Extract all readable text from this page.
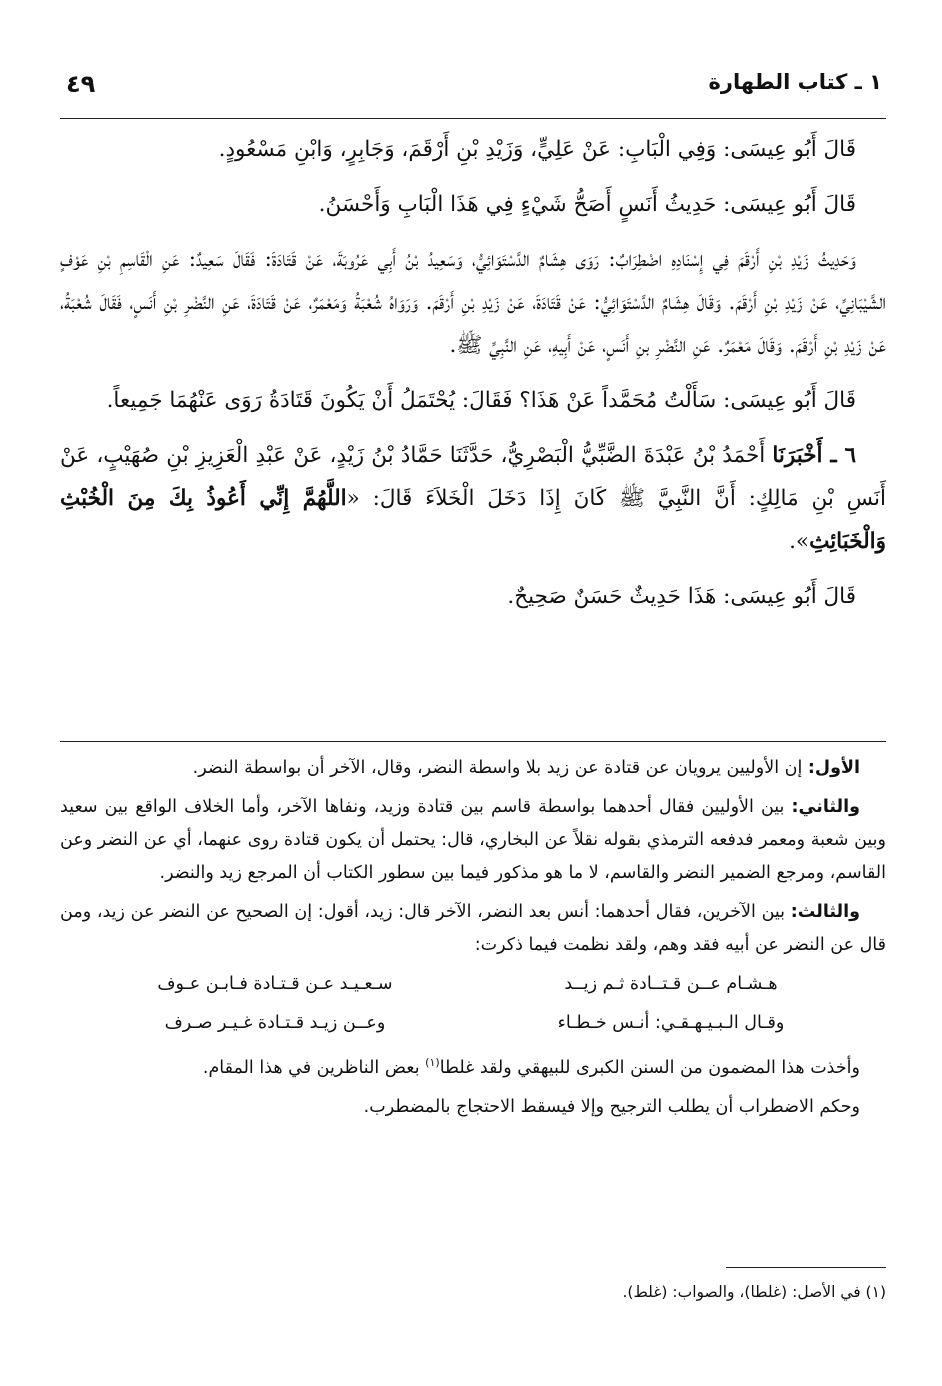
١ ـ كتاب الطهارة
٤٩

قَالَ أَبُو عِيسَى: وَفِي الْبَابِ: عَنْ عَلِيٍّ، وَزَيْدِ بْنِ أَرْقَمَ، وَجَابِرٍ، وَابْنِ مَسْعُودٍ.

قَالَ أَبُو عِيسَى: حَدِيثُ أَنَسٍ أَصَحُّ شَيْءٍ فِي هَذَا الْبَابِ وَأَحْسَنُ.

وَحَدِيثُ زَيْدِ بْنِ أَرْقَمَ فِي إِسْنَادِهِ اضْطِرَابٌ: رَوَى هِشَامٌ الدَّسْتَوَائِيُّ، وَسَعِيدُ بْنُ أَبِي عَرُوبَةَ، عَنْ قَتَادَةَ: فَقَالَ سَعِيدٌ: عَنِ الْقَاسِمِ بْنِ عَوْفٍ الشَّيْبَانِيِّ، عَنْ زَيْدِ بْنِ أَرْقَمَ. وَقَالَ هِشَامٌ الدَّسْتَوَائِيُّ: عَنْ قَتَادَةَ، عَنْ زَيْدِ بْنِ أَرْقَمَ. وَرَوَاهُ شُعْبَةُ وَمَعْمَرٌ، عَنْ قَتَادَةَ، عَنِ النَّضْرِ بْنِ أَنَسٍ، فَقَالَ شُعْبَةُ، عَنْ زَيْدِ بْنِ أَرْقَمَ. وَقَالَ مَعْمَرٌ. عَنِ النَّضْرِ بنِ أَنَسٍ، عَنْ أَبِيهِ، عَنِ النَّبِيِّ ﷺ.

قَالَ أَبُو عِيسَى: سَأَلْتُ مُحَمَّداً عَنْ هَذَا؟ فَقَالَ: يُحْتَمَلُ أَنْ يَكُونَ قَتَادَةُ رَوَى عَنْهُمَا جَمِيعاً.

٦ ـ أَخْبَرَنَا أَحْمَدُ بْنُ عَبْدَةَ الضَّبِّيُّ الْبَصْرِيُّ، حَدَّثَنَا حَمَّادُ بْنُ زَيْدٍ، عَنْ عَبْدِ الْعَزِيزِ بْنِ صُهَيْبٍ، عَنْ أَنَسِ بْنِ مَالِكٍ: أَنَّ النَّبِيَّ ﷺ كَانَ إِذَا دَخَلَ الْخَلاَءَ قَالَ: «اللَّهُمَّ إِنِّي أَعُوذُ بِكَ مِنَ الْخُبْثِ وَالْخَبَائِثِ».

قَالَ أَبُو عِيسَى: هَذَا حَدِيثٌ حَسَنٌ صَحِيحٌ.

الأول: إن الأوليين يرويان عن قتادة عن زيد بلا واسطة النضر، وقال، الآخر أن بواسطة النضر.

والثاني: بين الأوليين فقال أحدهما بواسطة قاسم بين قتادة وزيد، ونفاها الآخر، وأما الخلاف الواقع بين سعيد وبين شعبة ومعمر فدفعه الترمذي بقوله نقلاً عن البخاري، قال: يحتمل أن يكون قتادة روى عنهما، أي عن النضر وعن القاسم، ومرجع الضمير النضر والقاسم، لا ما هو مذكور فيما بين سطور الكتاب أن المرجع زيد والنضر.

والثالث: بين الآخرين، فقال أحدهما: أنس بعد النضر، الآخر قال: زيد، أقول: إن الصحيح عن النضر عن زيد، ومن قال عن النضر عن أبيه فقد وهم، ولقد نظمت فيما ذكرت:

هـشـام عــن قـتــادة ثـم زيــد
سـعـيـد عـن قـتـادة فـابـن عـوف

وقـال الـبـيـهـقـي: أنـس خـطـاء
وعــن زيـد قـتـادة غـيـر صـرف

وأخذت هذا المضمون من السنن الكبرى للبيهقي ولقد غلطا$^{(١)}$ بعض الناظرين في هذا المقام.

وحكم الاضطراب أن يطلب الترجيح وإلا فيسقط الاحتجاج بالمضطرب.

(١) في الأصل: (غلطا)، والصواب: (غلط).
